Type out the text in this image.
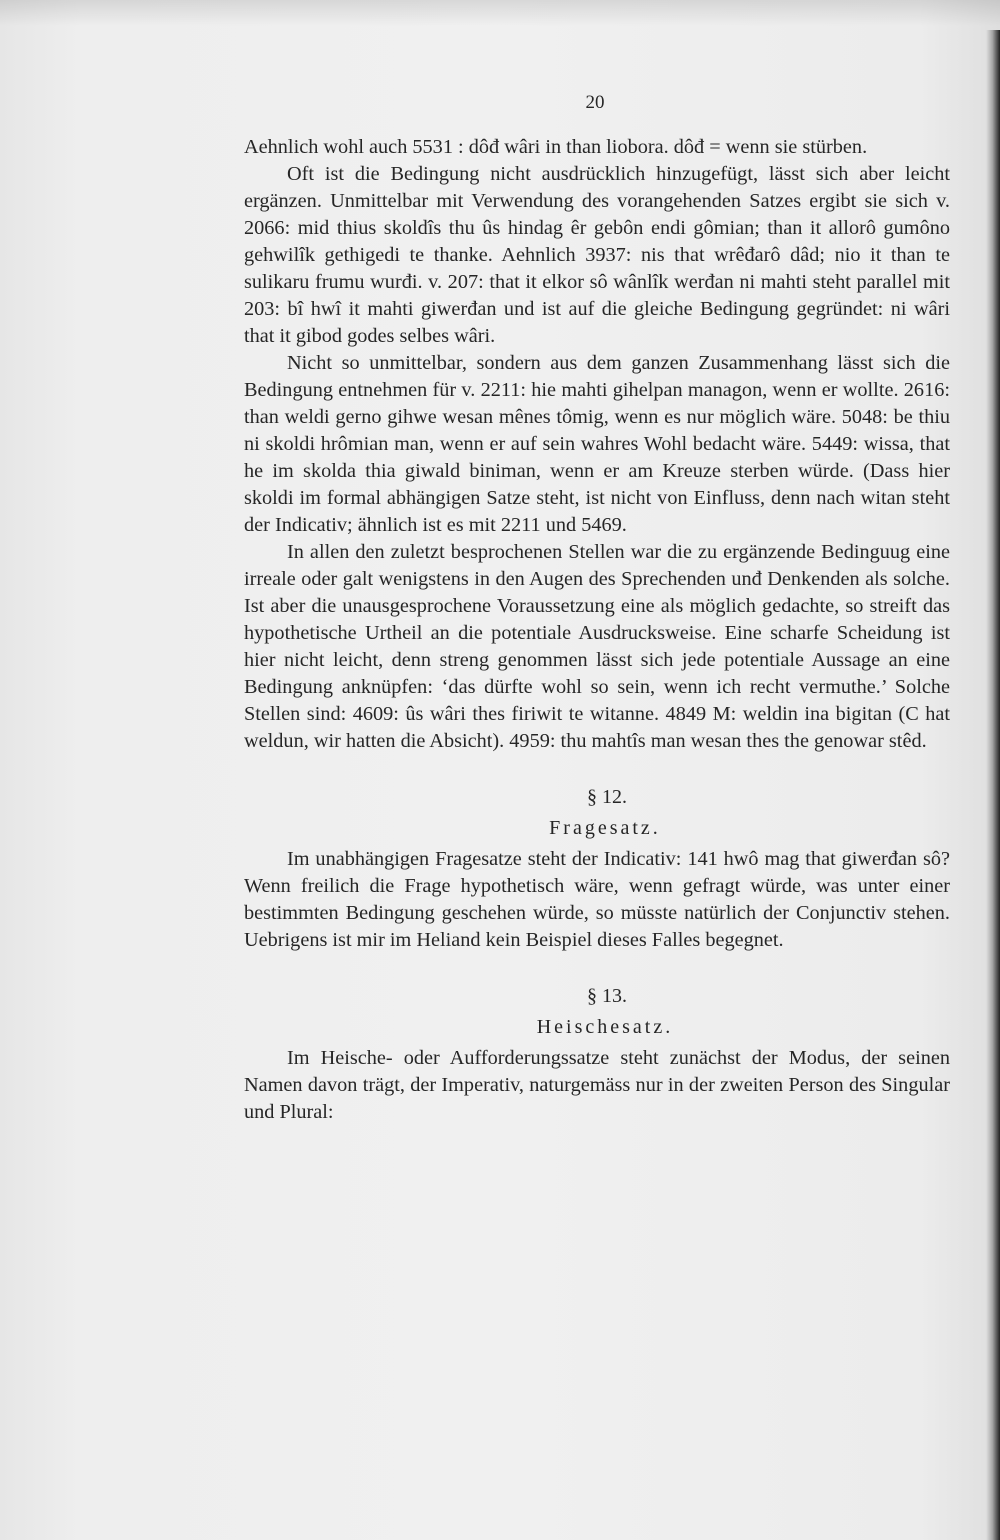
20

Aehnlich wohl auch 5531 : dôđ wâri in than liobora. dôđ = wenn sie stürben.

Oft ist die Bedingung nicht ausdrücklich hinzugefügt, lässt sich aber leicht ergänzen. Unmittelbar mit Verwendung des vorangehenden Satzes ergibt sie sich v. 2066: mid thius skoldîs thu ûs hindag êr gebôn endi gômian; than it allorô gumôno gehwilîk gethigedi te thanke. Aehnlich 3937: nis that wrêđarô dâd; nio it than te sulikaru frumu wurđi. v. 207: that it elkor sô wânlîk werđan ni mahti steht parallel mit 203: bî hwî it mahti giwerđan und ist auf die gleiche Bedingung gegründet: ni wâri that it gibod godes selbes wâri.

Nicht so unmittelbar, sondern aus dem ganzen Zusammenhang lässt sich die Bedingung entnehmen für v. 2211: hie mahti gihelpan managon, wenn er wollte. 2616: than weldi gerno gihwe wesan mênes tômig, wenn es nur möglich wäre. 5048: be thiu ni skoldi hrômian man, wenn er auf sein wahres Wohl bedacht wäre. 5449: wissa, that he im skolda thia giwald biniman, wenn er am Kreuze sterben würde. (Dass hier skoldi im formal abhängigen Satze steht, ist nicht von Einfluss, denn nach witan steht der Indicativ; ähnlich ist es mit 2211 und 5469.

In allen den zuletzt besprochenen Stellen war die zu ergänzende Bedinguug eine irreale oder galt wenigstens in den Augen des Sprechenden unđ Denkenden als solche. Ist aber die unausgesprochene Voraussetzung eine als möglich gedachte, so streift das hypothetische Urtheil an die potentiale Ausdrucksweise. Eine scharfe Scheidung ist hier nicht leicht, denn streng genommen lässt sich jede potentiale Aussage an eine Bedingung anknüpfen: ‘das dürfte wohl so sein, wenn ich recht vermuthe.’ Solche Stellen sind: 4609: ûs wâri thes firiwit te witanne. 4849 M: weldin ina bigitan (C hat weldun, wir hatten die Absicht). 4959: thu mahtîs man wesan thes the genowar stêd.

§ 12.

Fragesatz.

Im unabhängigen Fragesatze steht der Indicativ: 141 hwô mag that giwerđan sô? Wenn freilich die Frage hypothetisch wäre, wenn gefragt würde, was unter einer bestimmten Bedingung geschehen würde, so müsste natürlich der Conjunctiv stehen. Uebrigens ist mir im Heliand kein Beispiel dieses Falles begegnet.

§ 13.

Heischesatz.

Im Heische- oder Aufforderungssatze steht zunächst der Modus, der seinen Namen davon trägt, der Imperativ, naturgemäss nur in der zweiten Person des Singular und Plural:
